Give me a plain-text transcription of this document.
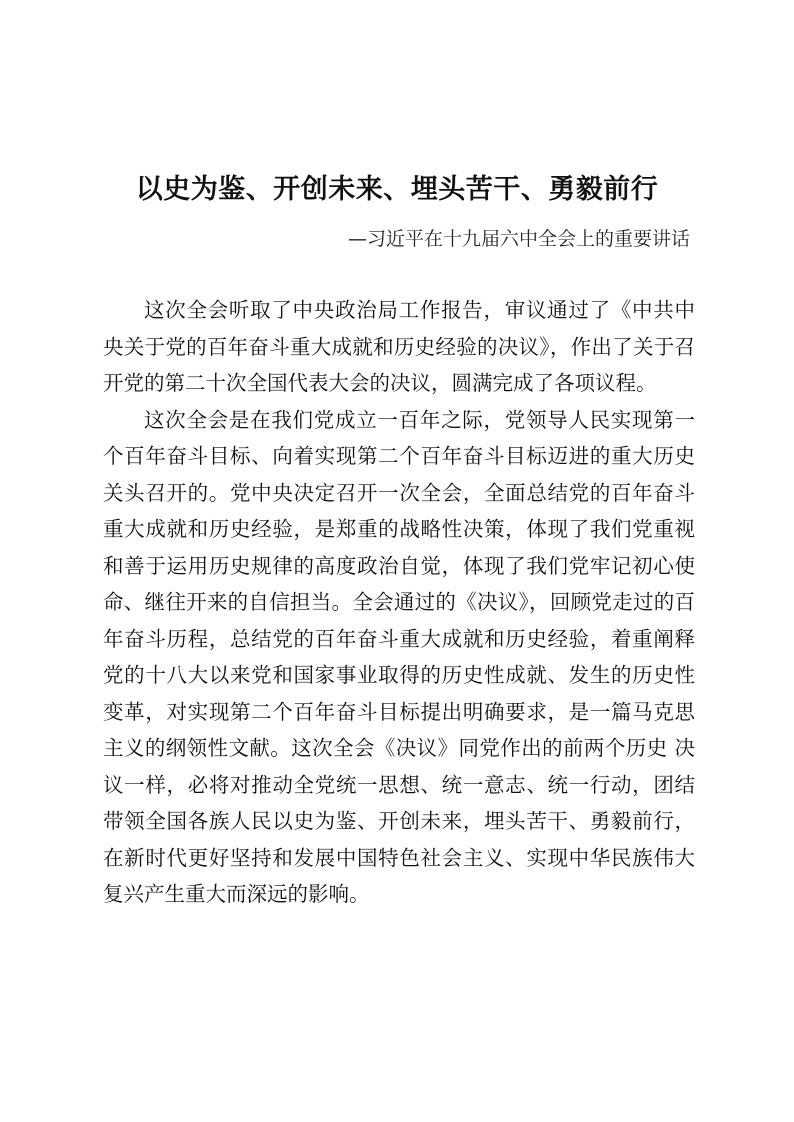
以史为鉴、开创未来、埋头苦干、勇毅前行
—习近平在十九届六中全会上的重要讲话

这次全会听取了中央政治局工作报告，审议通过了《中共中央关于党的百年奋斗重大成就和历史经验的决议》，作出了关于召开党的第二十次全国代表大会的决议，圆满完成了各项议程。

这次全会是在我们党成立一百年之际，党领导人民实现第一个百年奋斗目标、向着实现第二个百年奋斗目标迈进的重大历史关头召开的。党中央决定召开一次全会，全面总结党的百年奋斗重大成就和历史经验，是郑重的战略性决策，体现了我们党重视和善于运用历史规律的高度政治自觉，体现了我们党牢记初心使命、继往开来的自信担当。全会通过的《决议》，回顾党走过的百年奋斗历程，总结党的百年奋斗重大成就和历史经验，着重阐释党的十八大以来党和国家事业取得的历史性成就、发生的历史性变革，对实现第二个百年奋斗目标提出明确要求，是一篇马克思主义的纲领性文献。这次全会《决议》同党作出的前两个历史 决议一样，必将对推动全党统一思想、统一意志、统一行动，团结带领全国各族人民以史为鉴、开创未来，埋头苦干、勇毅前行， 在新时代更好坚持和发展中国特色社会主义、实现中华民族伟大复兴产生重大而深远的影响。
